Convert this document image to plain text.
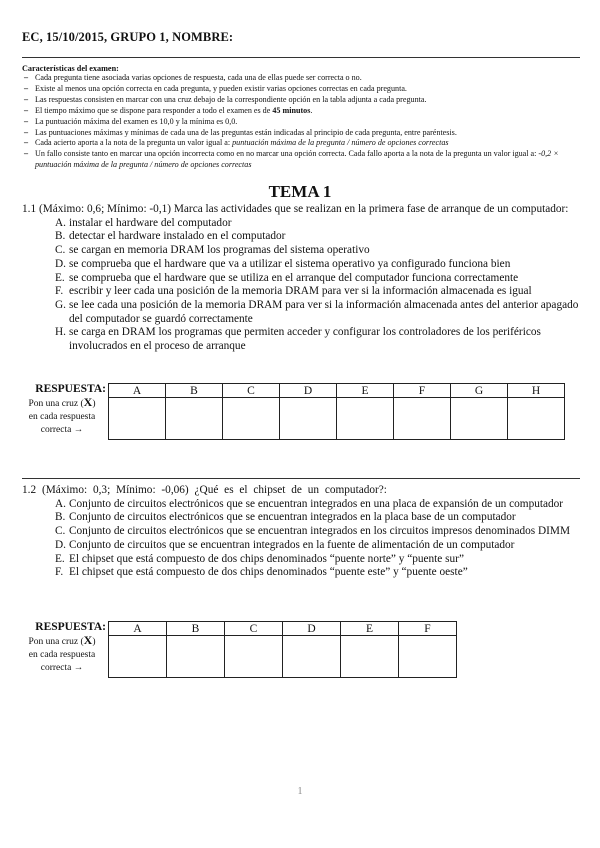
EC, 15/10/2015, GRUPO 1, NOMBRE:
Características del examen:
– Cada pregunta tiene asociada varias opciones de respuesta, cada una de ellas puede ser correcta o no.
– Existe al menos una opción correcta en cada pregunta, y pueden existir varias opciones correctas en cada pregunta.
– Las respuestas consisten en marcar con una cruz debajo de la correspondiente opción en la tabla adjunta a cada pregunta.
– El tiempo máximo que se dispone para responder a todo el examen es de 45 minutos.
– La puntuación máxima del examen es 10,0 y la mínima es 0,0.
– Las puntuaciones máximas y mínimas de cada una de las preguntas están indicadas al principio de cada pregunta, entre paréntesis.
– Cada acierto aporta a la nota de la pregunta un valor igual a: puntuación máxima de la pregunta / número de opciones correctas
– Un fallo consiste tanto en marcar una opción incorrecta como en no marcar una opción correcta. Cada fallo aporta a la nota de la pregunta un valor igual a: -0,2 × puntuación máxima de la pregunta / número de opciones correctas
TEMA 1
1.1 (Máximo: 0,6; Mínimo: -0,1) Marca las actividades que se realizan en la primera fase de arranque de un computador:
A. instalar el hardware del computador
B. detectar el hardware instalado en el computador
C. se cargan en memoria DRAM los programas del sistema operativo
D. se comprueba que el hardware que va a utilizar el sistema operativo ya configurado funciona bien
E. se comprueba que el hardware que se utiliza en el arranque del computador funciona correctamente
F. escribir y leer cada una posición de la memoria DRAM para ver si la información almacenada es igual
G. se lee cada una posición de la memoria DRAM para ver si la información almacenada antes del anterior apagado del computador se guardó correctamente
H. se carga en DRAM los programas que permiten acceder y configurar los controladores de los periféricos involucrados en el proceso de arranque
RESPUESTA:
Pon una cruz (X)
en cada respuesta
correcta →
A	B	C	D	E	F	G	H

1.2 (Máximo: 0,3; Mínimo: -0,06) ¿Qué es el chipset de un computador?:
A. Conjunto de circuitos electrónicos que se encuentran integrados en una placa de expansión de un computador
B. Conjunto de circuitos electrónicos que se encuentran integrados en la placa base de un computador
C. Conjunto de circuitos electrónicos que se encuentran integrados en los circuitos impresos denominados DIMM
D. Conjunto de circuitos que se encuentran integrados en la fuente de alimentación de un computador
E. El chipset que está compuesto de dos chips denominados “puente norte” y “puente sur”
F. El chipset que está compuesto de dos chips denominados “puente este” y “puente oeste”
RESPUESTA:
Pon una cruz (X)
en cada respuesta
correcta →
A	B	C	D	E	F

1
